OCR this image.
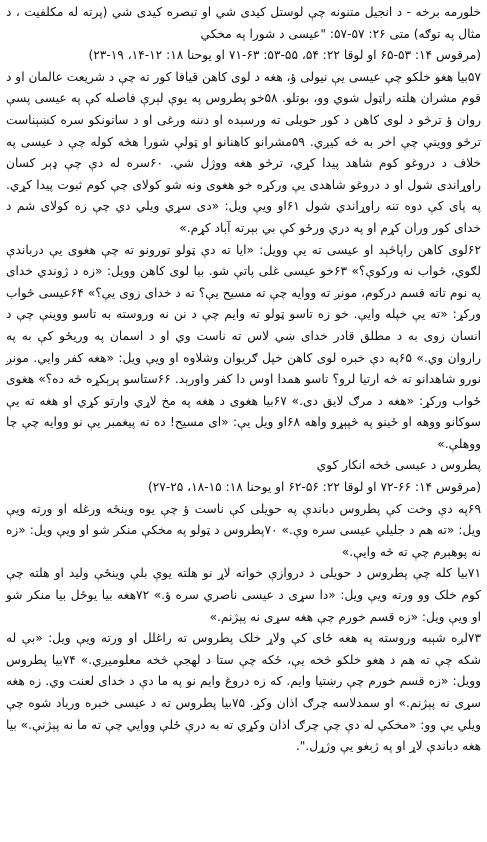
خلورمه برخه - د انجيل متنونه چې لوستل کيدی شي او تبصره کيدی شي (پرته له مکلفيت ، د مثال په توګه) متی ۲۶: ۵۷-۵۷: "عيسی د شورا په مخکي

(مرقوس ۱۴: ۵۳-۶۵ او لوقا ۲۲: ۵۴، ۵۵-۵۳: ۶۳-۷۱ او يوحنا ۱۸: ۱۲-۱۴، ۱۹-۲۳)

۵۷بيا هغو خلکو چې عيسی يې نيولی ؤ، هغه د لوی کاهن قيافا کور ته چې د شريعت عالمان او د قوم مشران هلته راټول شوي وو، بوتلو. ۵۸خو پطروس په يوې لېرې فاصله کې په عيسی پسې روان ؤ ترڅو د لوی کاهن د کور حويلی ته ورسېده او دننه ورغی او د ساتونکو سره کښېناست ترڅو ووينې چې اخر به څه کيږي. ۵۹مشرانو کاهنانو او ټولې شورا هڅه کوله چې د عيسی په خلاف د دروغو کوم شاهد پيدا کړي، ترڅو هغه ووژل شي. ۶۰سره له دې چې ډېر کسان راوړاندی شول او د دروغو شاهدی يې ورکړه خو هغوی ونه شو کولای چې کوم ثبوت پيدا کړي. په پای کې دوه تنه راوړاندي شول ۶۱او ويې ويل: «دی سړي ويلي دي چې زه کولای شم د خدای کور وران کړم او په دري ورځو کې بي بېرته آباد کړم.»

۶۲لوی کاهن راپاڅېد او عيسی ته يې وويل: «ايا ته دې ټولو تورونو ته چې هغوی يې درباندې لګوي، ځواب نه ورکوې؟» ۶۳خو عيسی غلی پاتې شو. بيا لوی کاهن وويل: «زه د ژوندي خدای په نوم تاته قسم درکوم، مونږ ته ووايه چې ته مسيح يې؟ ته د خدای زوی يې؟» ۶۴عيسی ځواب ورکړ: «ته يې خپله وايې. خو زه تاسو ټولو ته وايم چې د نن نه وروسته به تاسو ووينې چې د انسان زوی به د مطلق قادر خدای ښي لاس ته ناست وي او د اسمان په وريځو کې به په راروان وي.» ۶۵په دې خبره لوی کاهن خپل ګريوان وشلاوه او ويې ويل: «هغه کفر وايي. مونږ نورو شاهدانو ته څه ارتيا لرو؟ تاسو همدا اوس دا کفر واورېد. ۶۶ستاسو پرېکړه څه ده؟» هغوی ځواب ورکړ: «هغه د مرګ لايق دی.» ۶۷بيا هغوی د هغه په مخ لاړي وارتو کړي او هغه ته يې سوکانو ووهه او ځينو په څپېړو واهه ۶۸او ويل يې: «ای مسيح! ده ته پيغمبر يې نو ووايه چې چا ووهلې.»

پطروس د عيسی څخه انکار کوي

(مرقوس ۱۴: ۶۶-۷۲ او لوقا ۲۲: ۵۶-۶۲ او يوحنا ۱۸: ۱۵-۱۸، ۲۵-۲۷)

۶۹په دې وخت کې پطروس دباندې په حويلی کې ناست ؤ چې يوه وينځه ورغله او ورته ويې ويل: «ته هم د جليلي عيسی سره وې.» ۷۰پطروس د ټولو په مخکې منکر شو او ويې ويل: «زه نه پوهېږم چې ته څه وايې.»

۷۱بيا کله چې پطروس د حويلی د دروازې خواته لاړ نو هلته يوې بلې وينځې وليد او هلته چې کوم خلک وو ورته ويې ويل: «دا سړی د عيسی ناصري سره ؤ.» ۷۲هغه بيا يوځل بيا منکر شو او ويې ويل: «زه قسم خورم چې هغه سړی نه پېژنم.»

۷۳لږه شېبه وروسته په هغه ځای کې ولاړ خلک پطروس ته راغلل او ورته ويې ويل: «بې له شکه چې ته هم د هغو خلکو څخه يې، ځکه چې ستا د لهجې څخه معلوميږي.» ۷۴بيا پطروس وويل: «زه قسم خورم چې رښتيا وايم. که زه دروغ وايم نو په ما دې د خدای لعنت وي. زه هغه سړی نه پېژنم.» او سمدلاسه چرګ اذان وکړ. ۷۵بيا پطروس ته د عيسی خبره ورياد شوه چې ويلي يې وو: «مخکې له دې چې چرګ اذان وکړي ته به درې ځلې ووايي چې ته ما نه پېژنې.» بيا هغه دباندې لاړ او په ژېغو يې وژړل.".
